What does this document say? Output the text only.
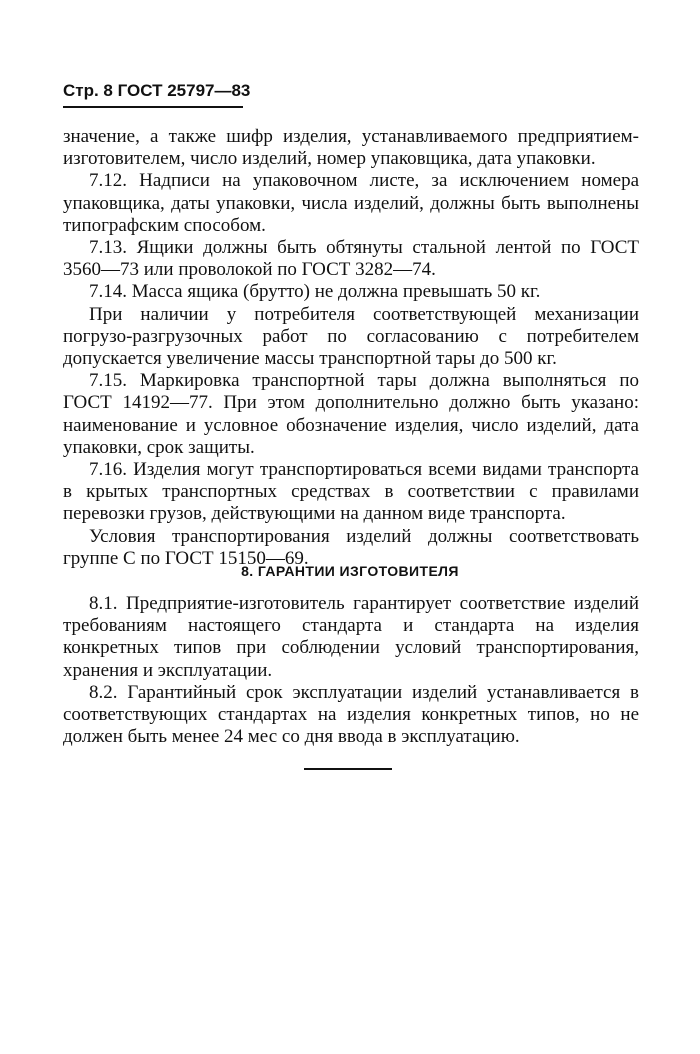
Стр. 8 ГОСТ 25797—83

значение, а также шифр изделия, устанавливаемого предприятием-изготовителем, число изделий, номер упаковщика, дата упаковки.

7.12. Надписи на упаковочном листе, за исключением номера упаковщика, даты упаковки, числа изделий, должны быть выполнены типографским способом.

7.13. Ящики должны быть обтянуты стальной лентой по ГОСТ 3560—73 или проволокой по ГОСТ 3282—74.

7.14. Масса ящика (брутто) не должна превышать 50 кг.

При наличии у потребителя соответствующей механизации погрузо-разгрузочных работ по согласованию с потребителем допускается увеличение массы транспортной тары до 500 кг.

7.15. Маркировка транспортной тары должна выполняться по ГОСТ 14192—77. При этом дополнительно должно быть указано: наименование и условное обозначение изделия, число изделий, дата упаковки, срок защиты.

7.16. Изделия могут транспортироваться всеми видами транспорта в крытых транспортных средствах в соответствии с правилами перевозки грузов, действующими на данном виде транспорта.

Условия транспортирования изделий должны соответствовать группе С по ГОСТ 15150—69.

8. ГАРАНТИИ ИЗГОТОВИТЕЛЯ

8.1. Предприятие-изготовитель гарантирует соответствие изделий требованиям настоящего стандарта и стандарта на изделия конкретных типов при соблюдении условий транспортирования, хранения и эксплуатации.

8.2. Гарантийный срок эксплуатации изделий устанавливается в соответствующих стандартах на изделия конкретных типов, но не должен быть менее 24 мес со дня ввода в эксплуатацию.
